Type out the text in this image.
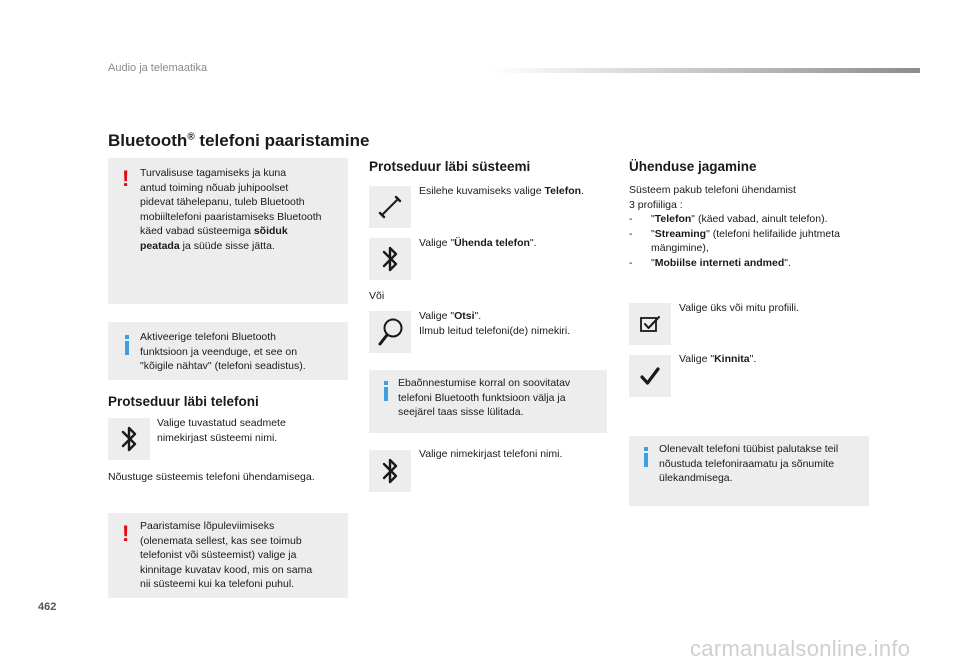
Audio ja telemaatika
Bluetooth® telefoni paaristamine
! Turvalisuse tagamiseks ja kuna
antud toiming nõuab juhipoolset
pidevat tähelepanu, tuleb Bluetooth
mobiiltelefoni paaristamiseks Bluetooth
käed vabad süsteemiga sõiduk
peatada ja süüde sisse jätta.
Aktiveerige telefoni Bluetooth
funktsioon ja veenduge, et see on
"kõigile nähtav" (telefoni seadistus).
Protseduur läbi telefoni
Valige tuvastatud seadmete
nimekirjast süsteemi nimi.
Nõustuge süsteemis telefoni ühendamisega.
! Paaristamise lõpuleviimiseks
(olenemata sellest, kas see toimub
telefonist või süsteemist) valige ja
kinnitage kuvatav kood, mis on sama
nii süsteemi kui ka telefoni puhul.
Protseduur läbi süsteemi
Esilehe kuvamiseks valige Telefon.
Valige "Ühenda telefon".
Või
Valige "Otsi".
Ilmub leitud telefoni(de) nimekiri.
Ebaõnnestumise korral on soovitatav
telefoni Bluetooth funktsioon välja ja
seejärel taas sisse lülitada.
Valige nimekirjast telefoni nimi.
Ühenduse jagamine
Süsteem pakub telefoni ühendamist
3 profiiliga :
-	"Telefon" (käed vabad, ainult telefon).
-	"Streaming" (telefoni helifailide juhtmeta
mängimine),
-	"Mobiilse interneti andmed".
Valige üks või mitu profiili.
Valige "Kinnita".
Olenevalt telefoni tüübist palutakse teil
nõustuda telefoniraamatu ja sõnumite
ülekandmisega.
462
carmanualsonline.info
